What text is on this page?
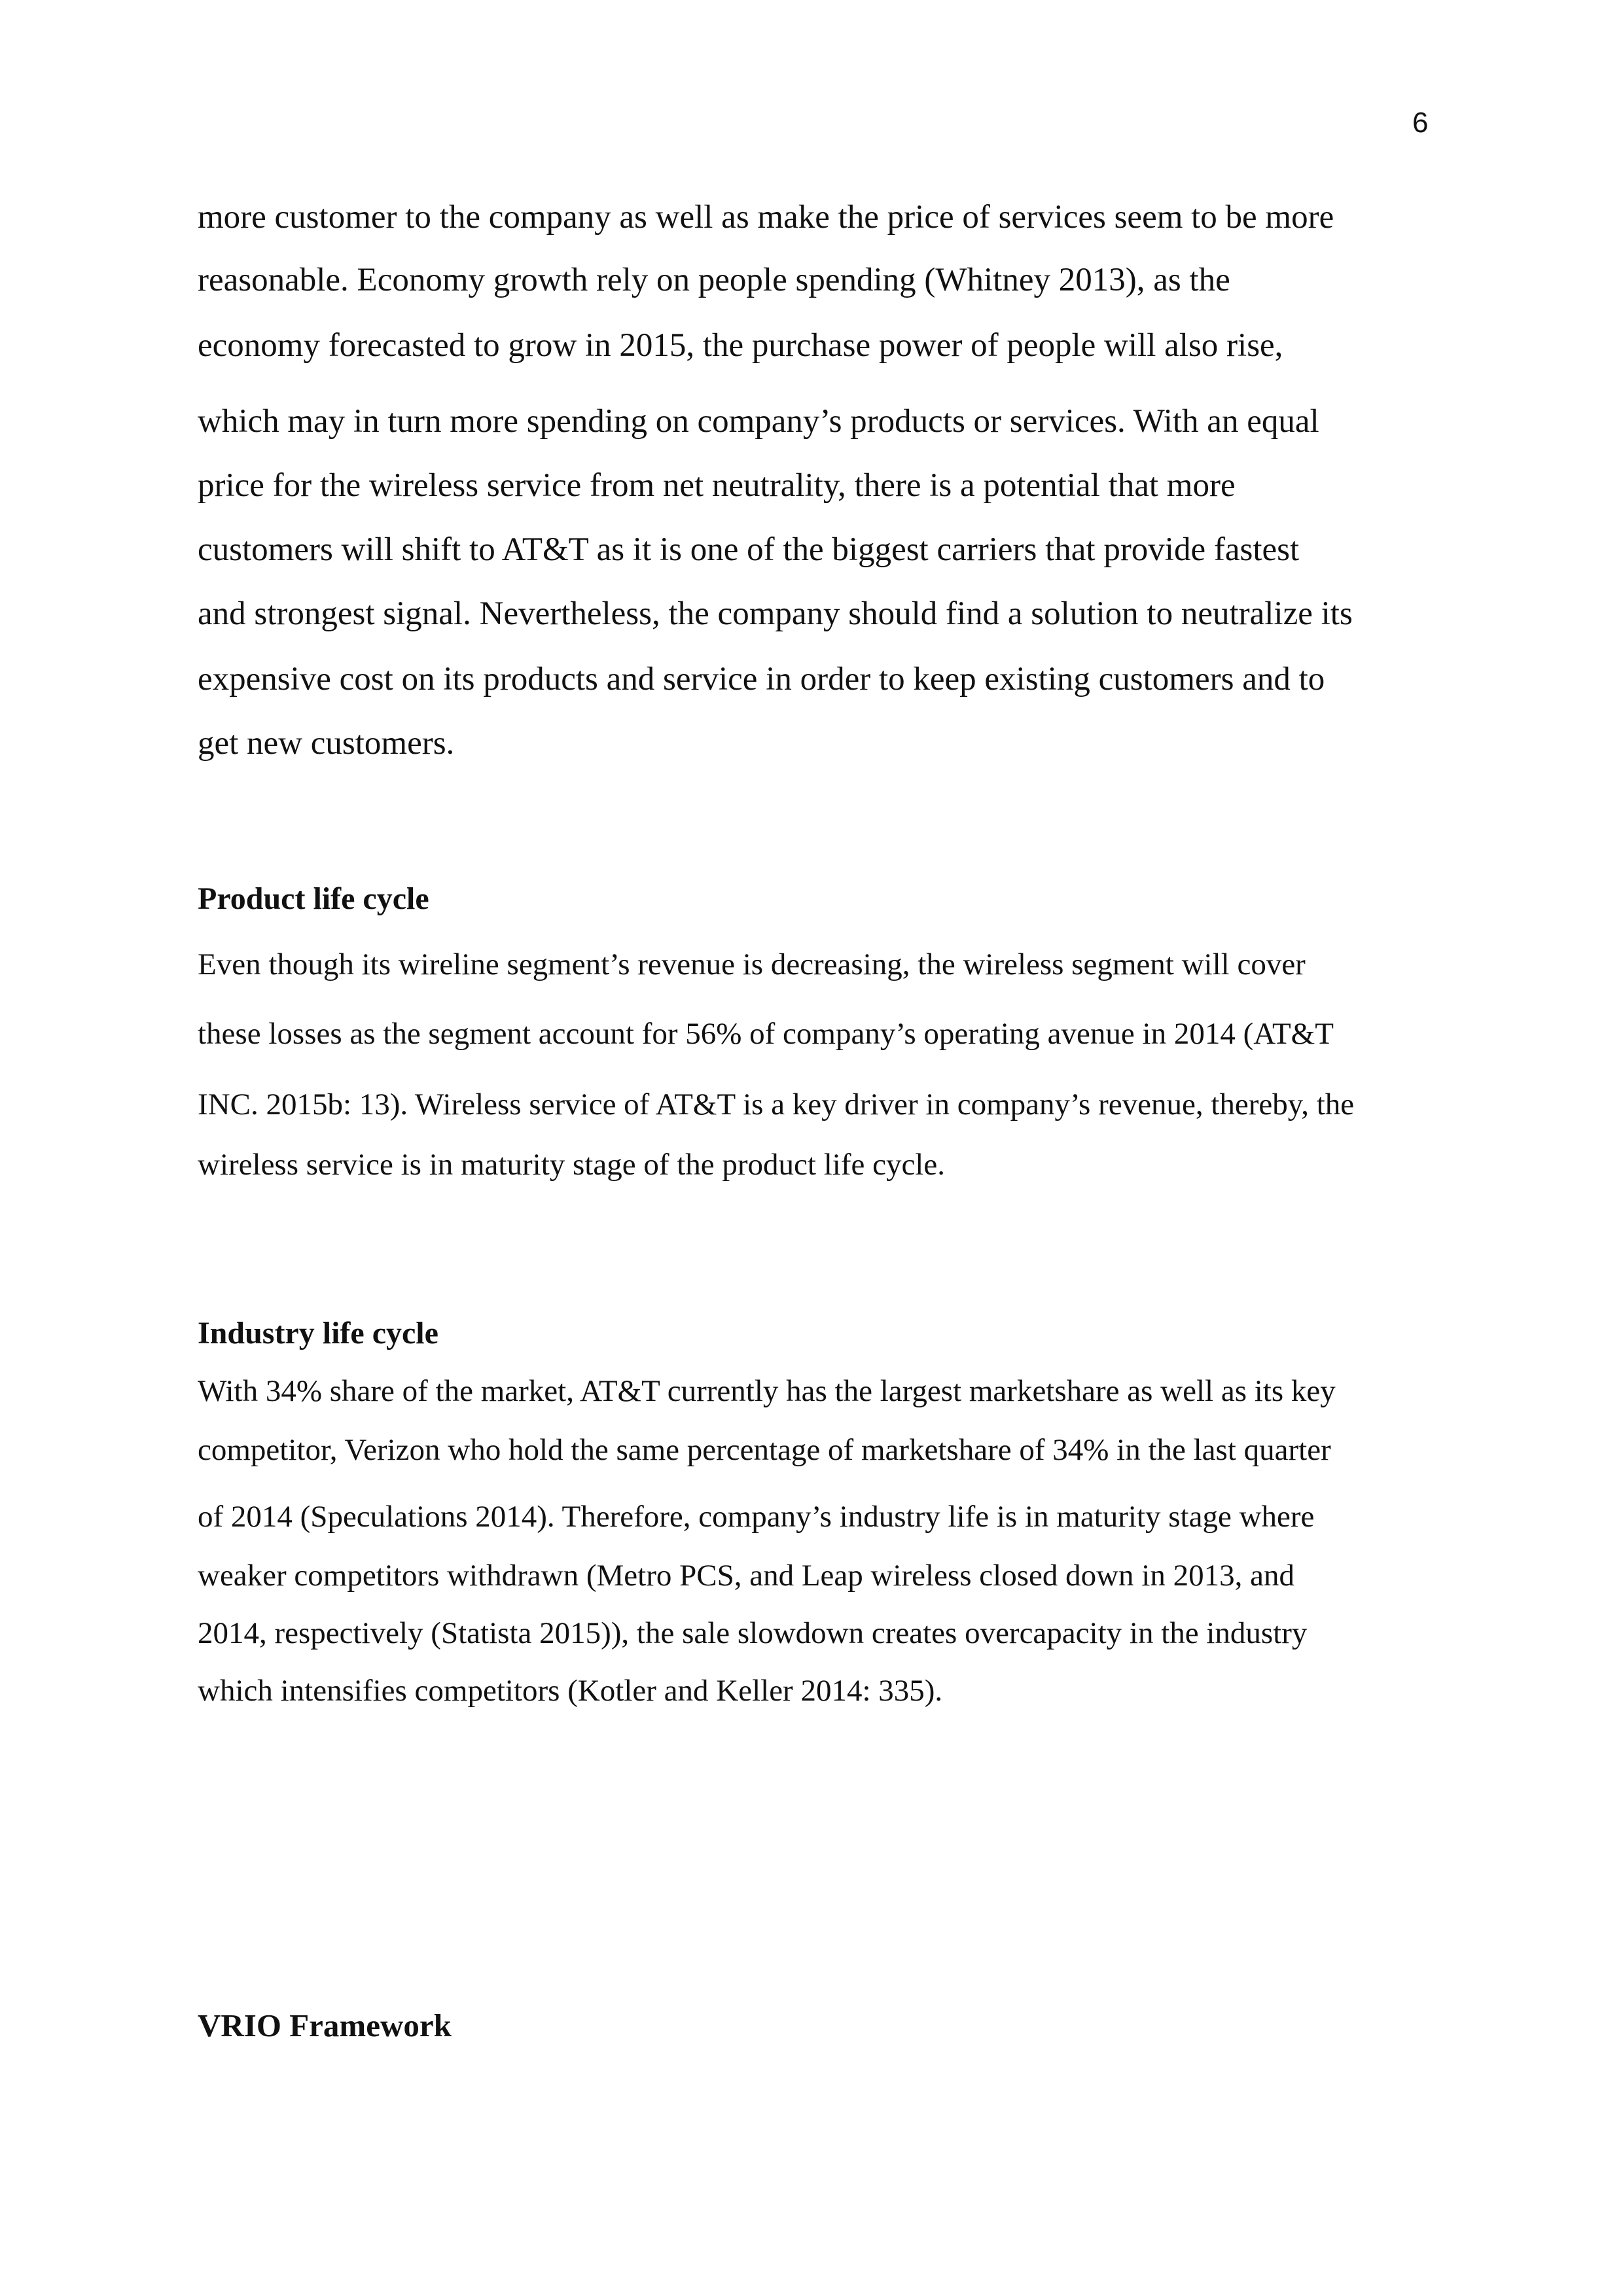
6

more customer to the company as well as make the price of services seem to be more

reasonable. Economy growth rely on people spending (Whitney 2013), as the

economy forecasted to grow in 2015, the purchase power of people will also rise,

which may in turn more spending on company’s products or services. With an equal

price for the wireless service from net neutrality, there is a potential that more

customers will shift to AT&T as it is one of the biggest carriers that provide fastest

and strongest signal. Nevertheless, the company should find a solution to neutralize its

expensive cost on its products and service in order to keep existing customers and to

get new customers.

Product life cycle

Even though its wireline segment’s revenue is decreasing, the wireless segment will cover

these losses as the segment account for 56% of company’s operating avenue in 2014 (AT&T

INC. 2015b: 13). Wireless service of AT&T is a key driver in company’s revenue, thereby, the

wireless service is in maturity stage of the product life cycle.

Industry life cycle

With 34% share of the market, AT&T currently has the largest marketshare as well as its key

competitor, Verizon who hold the same percentage of marketshare of 34% in the last quarter

of 2014 (Speculations 2014). Therefore, company’s industry life is in maturity stage where

weaker competitors withdrawn (Metro PCS, and Leap wireless closed down in 2013, and

2014, respectively (Statista 2015)), the sale slowdown creates overcapacity in the industry

which intensifies competitors (Kotler and Keller 2014: 335).

VRIO Framework
